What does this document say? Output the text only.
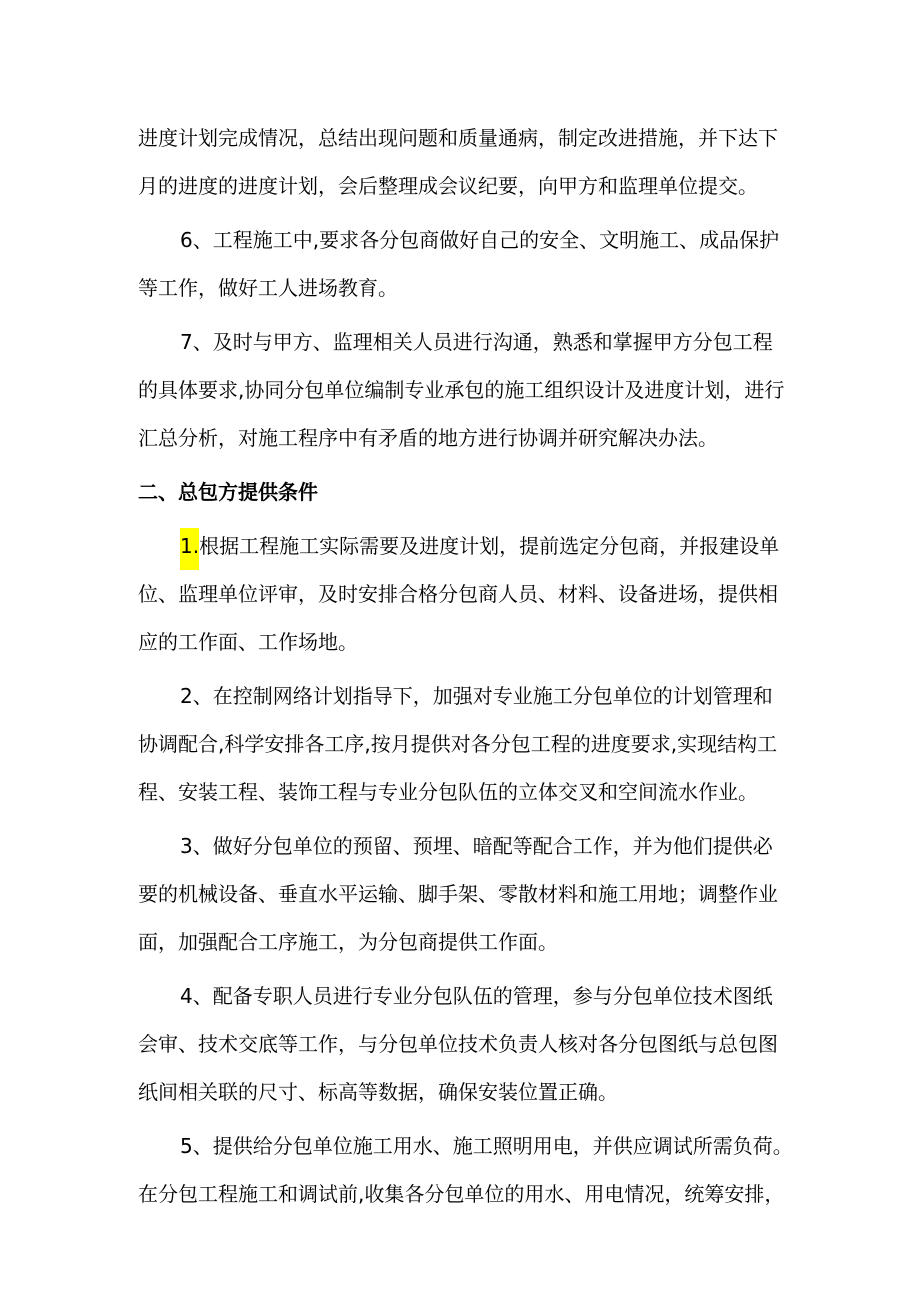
进度计划完成情况，总结出现问题和质量通病，制定改进措施，并下达下
月的进度的进度计划，会后整理成会议纪要，向甲方和监理单位提交。
6、工程施工中,要求各分包商做好自己的安全、文明施工、成品保护
等工作，做好工人进场教育。
7、及时与甲方、监理相关人员进行沟通，熟悉和掌握甲方分包工程
的具体要求,协同分包单位编制专业承包的施工组织设计及进度计划，进行
汇总分析，对施工程序中有矛盾的地方进行协调并研究解决办法。
二、总包方提供条件
1.根据工程施工实际需要及进度计划，提前选定分包商，并报建设单
位、监理单位评审，及时安排合格分包商人员、材料、设备进场，提供相
应的工作面、工作场地。
2、在控制网络计划指导下，加强对专业施工分包单位的计划管理和
协调配合,科学安排各工序,按月提供对各分包工程的进度要求,实现结构工
程、安装工程、装饰工程与专业分包队伍的立体交叉和空间流水作业。
3、做好分包单位的预留、预埋、暗配等配合工作，并为他们提供必
要的机械设备、垂直水平运输、脚手架、零散材料和施工用地；调整作业
面，加强配合工序施工，为分包商提供工作面。
4、配备专职人员进行专业分包队伍的管理，参与分包单位技术图纸
会审、技术交底等工作，与分包单位技术负责人核对各分包图纸与总包图
纸间相关联的尺寸、标高等数据，确保安装位置正确。
5、提供给分包单位施工用水、施工照明用电，并供应调试所需负荷。
在分包工程施工和调试前,收集各分包单位的用水、用电情况，统筹安排，
